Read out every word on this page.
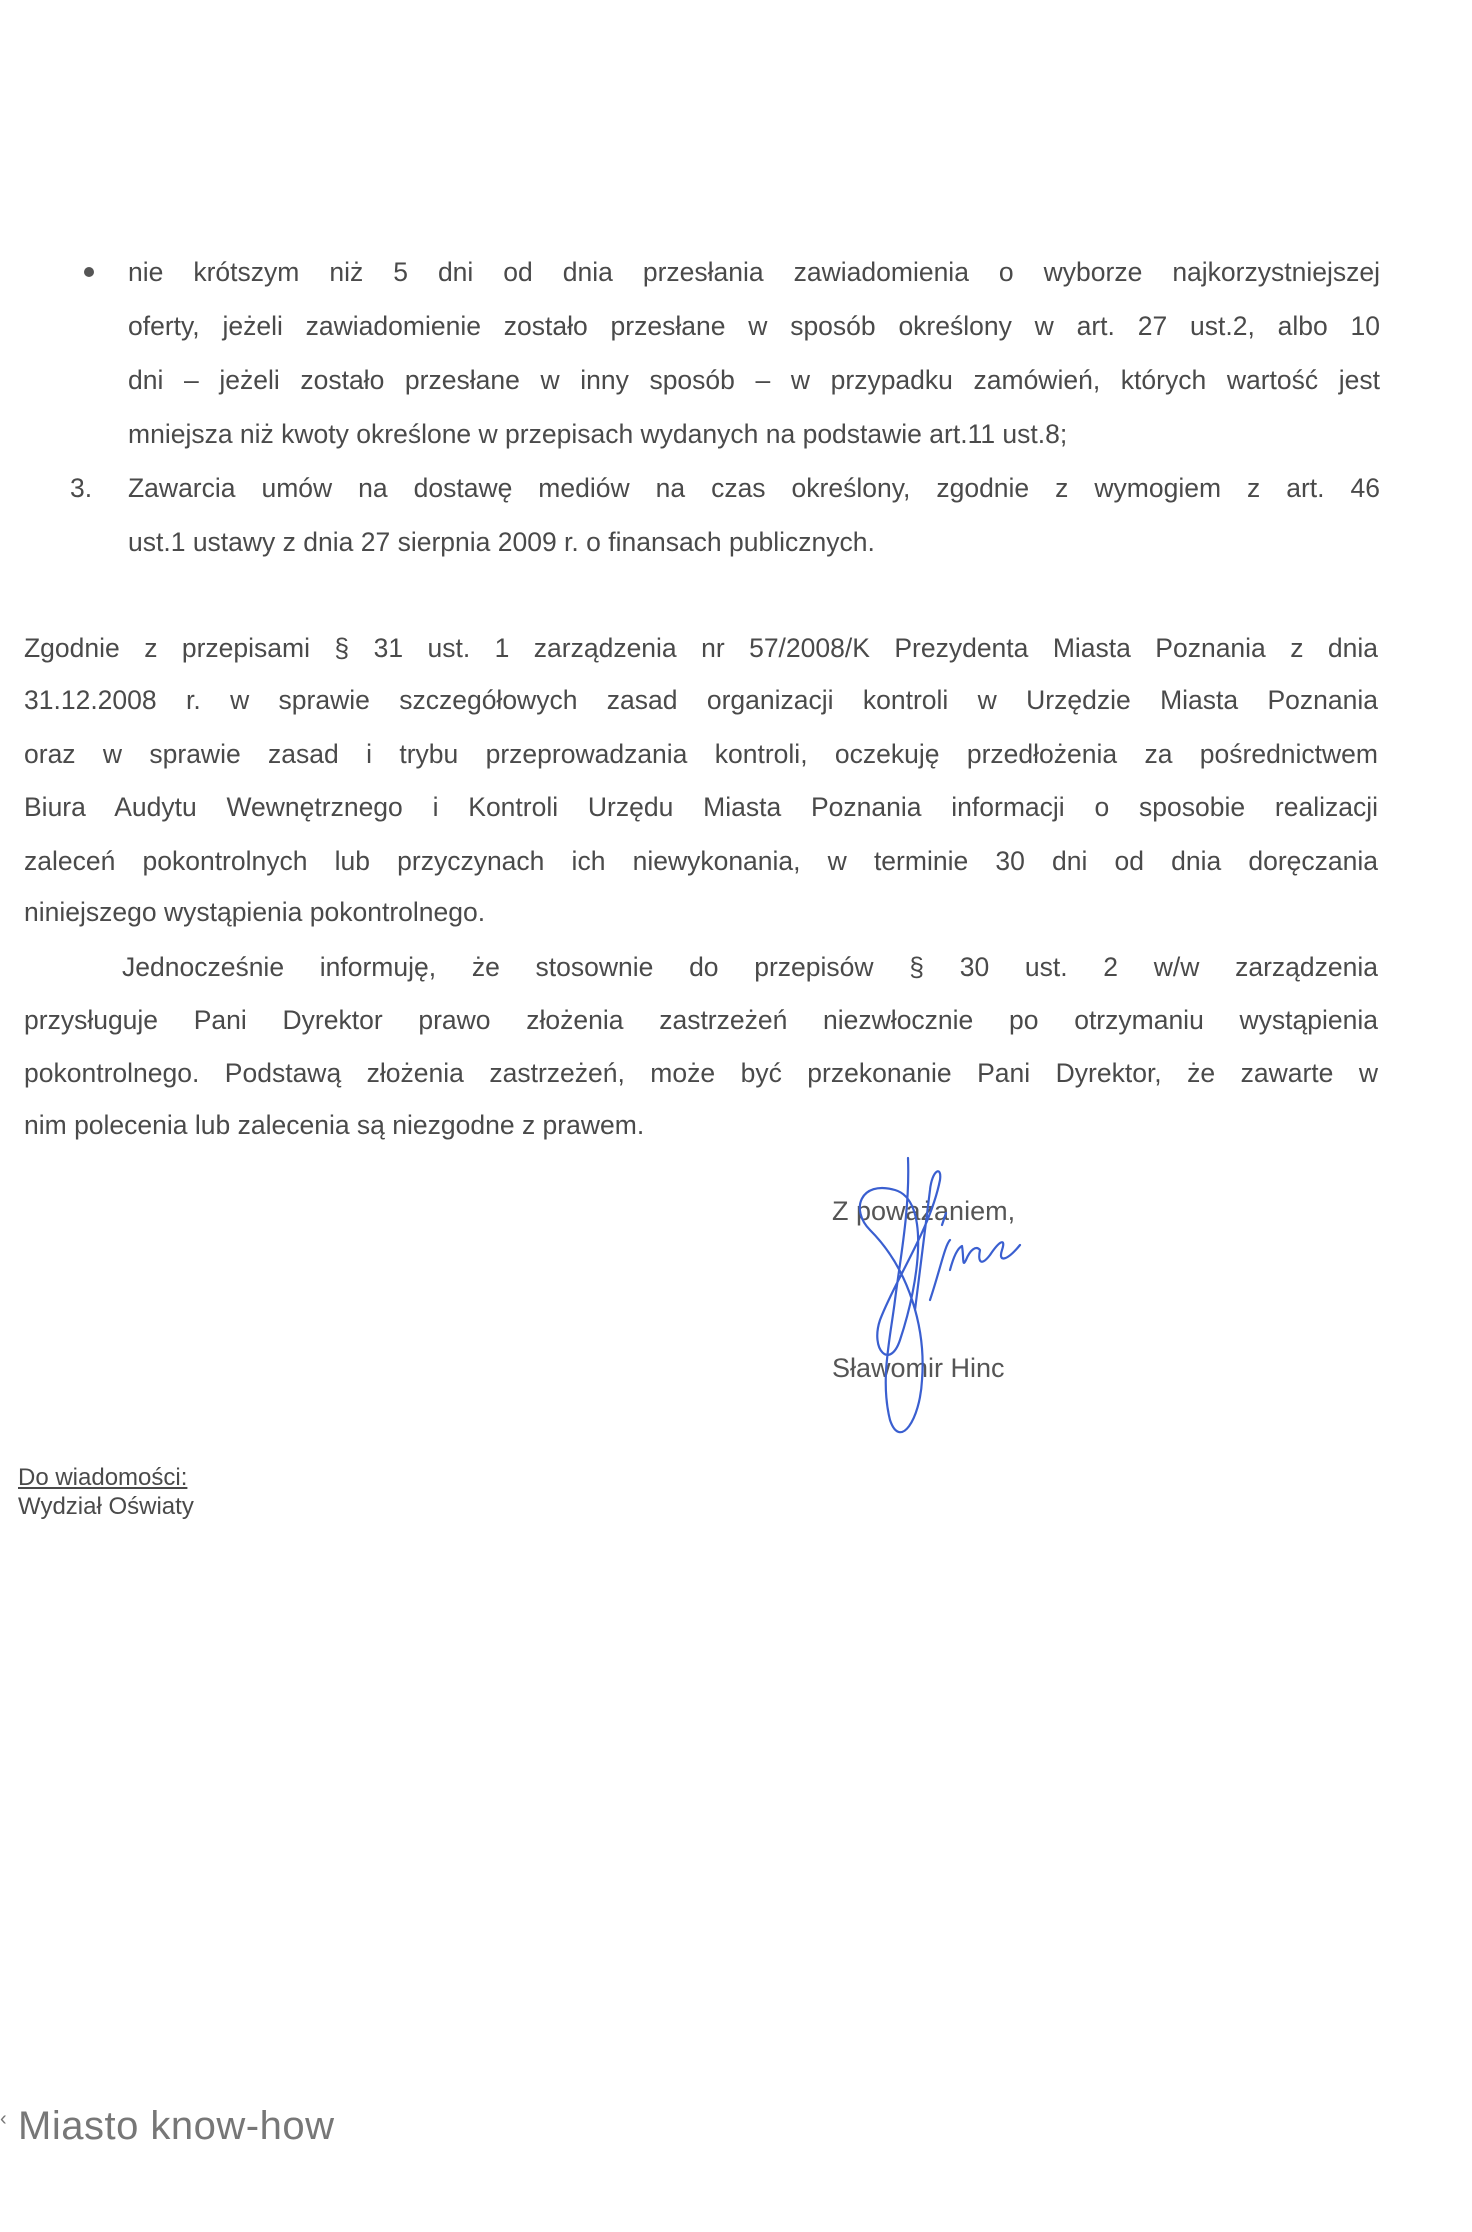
nie krótszym niż 5 dni od dnia przesłania zawiadomienia o wyborze najkorzystniejszej
oferty, jeżeli zawiadomienie zostało przesłane w sposób określony w art. 27 ust.2, albo 10
dni – jeżeli zostało przesłane w inny sposób – w przypadku zamówień, których wartość jest
mniejsza niż kwoty określone w przepisach wydanych na podstawie art.11 ust.8;
3. Zawarcia umów na dostawę mediów na czas określony, zgodnie z wymogiem z art. 46
ust.1 ustawy z dnia 27 sierpnia 2009 r. o finansach publicznych.
Zgodnie z przepisami § 31 ust. 1 zarządzenia nr 57/2008/K Prezydenta Miasta Poznania z dnia
31.12.2008 r. w sprawie szczegółowych zasad organizacji kontroli w Urzędzie Miasta Poznania
oraz w sprawie zasad i trybu przeprowadzania kontroli, oczekuję przedłożenia za pośrednictwem
Biura Audytu Wewnętrznego i Kontroli Urzędu Miasta Poznania informacji o sposobie realizacji
zaleceń pokontrolnych lub przyczynach ich niewykonania, w terminie 30 dni od dnia doręczania
niniejszego wystąpienia pokontrolnego.
Jednocześnie informuję, że stosownie do przepisów § 30 ust. 2 w/w zarządzenia
przysługuje Pani Dyrektor prawo złożenia zastrzeżeń niezwłocznie po otrzymaniu wystąpienia
pokontrolnego. Podstawą złożenia zastrzeżeń, może być przekonanie Pani Dyrektor, że zawarte w
nim polecenia lub zalecenia są niezgodne z prawem.
Z poważaniem,
Sławomir Hinc
Do wiadomości:
Wydział Oświaty
‹ Miasto know-how
